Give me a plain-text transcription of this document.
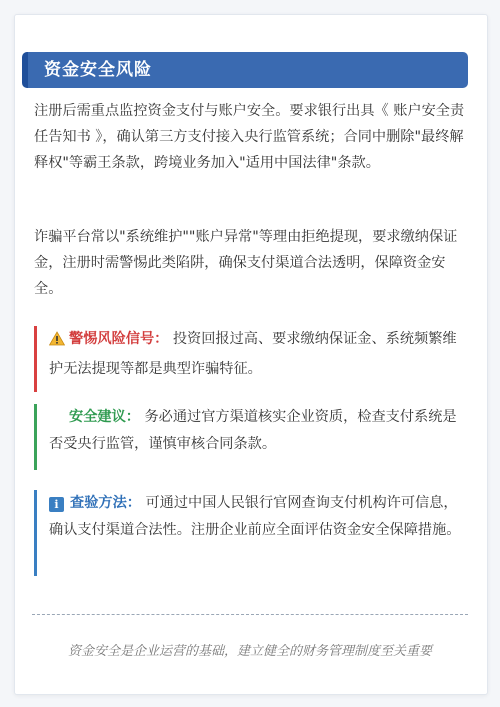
资金安全风险

注册后需重点监控资金支付与账户安全。要求银行出具《 账户安全责任告知书 》，确认第三方支付接入央行监管系统；合同中删除"最终解释权"等霸王条款，跨境业务加入"适用中国法律"条款。

诈骗平台常以"系统维护""账户异常"等理由拒绝提现，要求缴纳保证金，注册时需警惕此类陷阱，确保支付渠道合法透明，保障资金安全。

警惕风险信号： 投资回报过高、要求缴纳保证金、系统频繁维护无法提现等都是典型诈骗特征。
安全建议： 务必通过官方渠道核实企业资质，检查支付系统是否受央行监管，谨慎审核合同条款。
i 查验方法： 可通过中国人民银行官网查询支付机构许可信息，确认支付渠道合法性。注册企业前应全面评估资金安全保障措施。
资金安全是企业运营的基础，建立健全的财务管理制度至关重要
